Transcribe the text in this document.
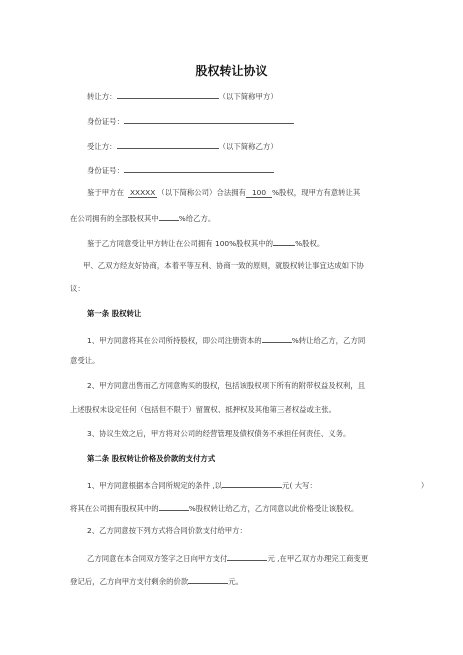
股权转让协议
转让方：	（以下简称甲方）
身份证号：
受让方：	（以下简称乙方）
身份证号：
鉴于甲方在 XXXXX （以下简称公司）合法拥有 100 %股权，现甲方有意转让其
在公司拥有的全部股权其中	%给乙方。
鉴于乙方同意受让甲方转让在公司拥有 100%股权其中的	%股权。
甲、乙双方经友好协商，本着平等互利、协商一致的原则，就股权转让事宜达成如下协
议：
第一条 股权转让
1、甲方同意将其在公司所持股权，即公司注册资本的	%转让给乙方，乙方同
意受让。
2、甲方同意出售而乙方同意购买的股权，包括该股权项下所有的附带权益及权利，且
上述股权未设定任何（包括但不限于）留置权、抵押权及其他第三者权益或主张。
3、协议生效之后，甲方将对公司的经营管理及债权债务不承担任何责任、义务。
第二条 股权转让价格及价款的支付方式
1、甲方同意根据本合同所规定的条件 ,以	元( 大写：	）
将其在公司拥有股权其中的	%股权转让给乙方，乙方同意以此价格受让该股权。
2、乙方同意按下列方式将合同价款支付给甲方：
乙方同意在本合同双方签字之日向甲方支付	元 ,在甲乙双方办理完工商变更
登记后，乙方向甲方支付剩余的价款	元。
